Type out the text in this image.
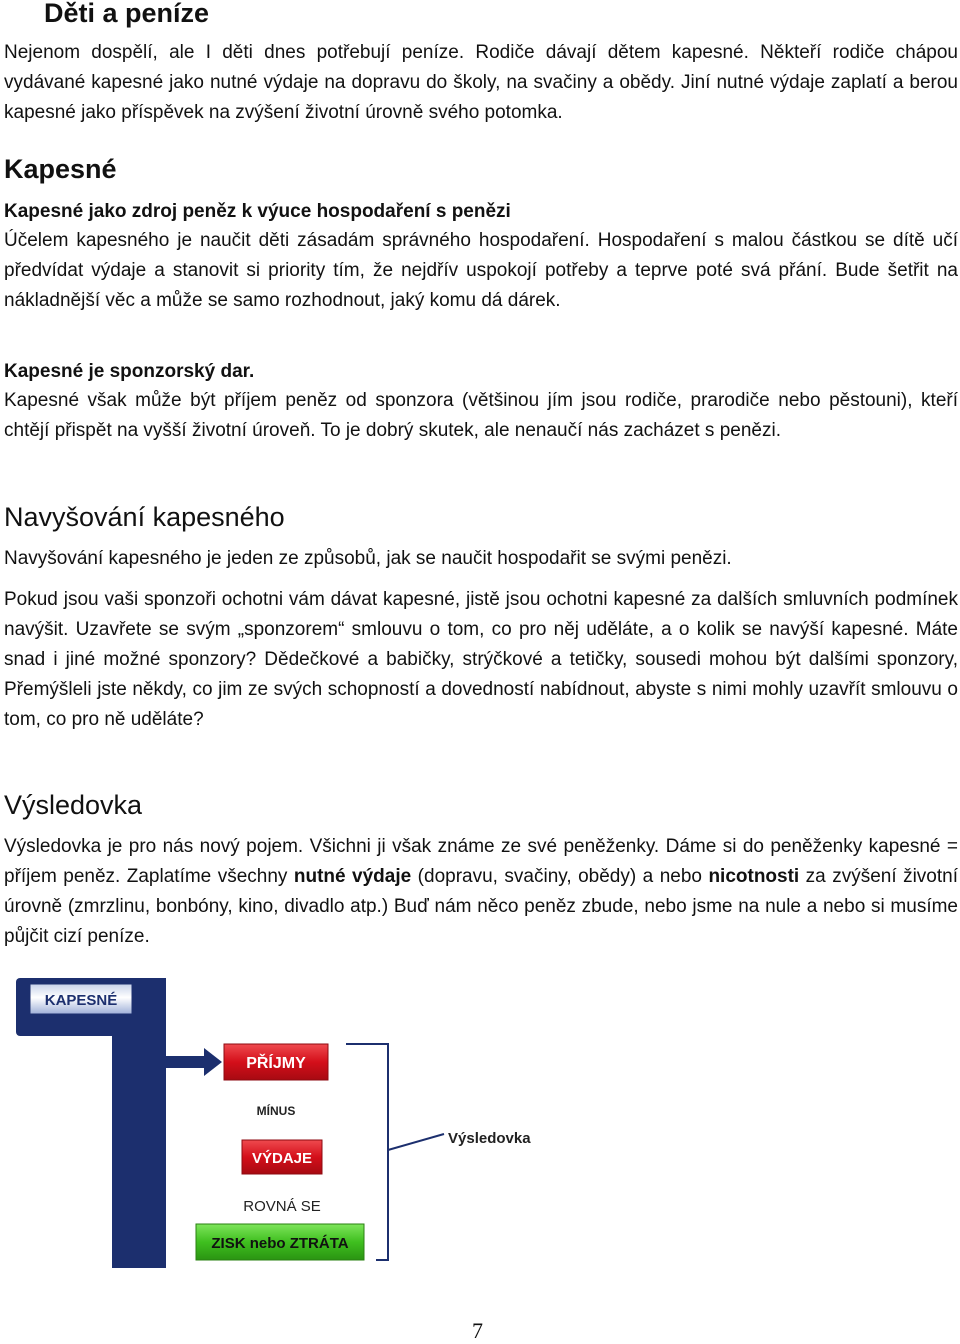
Děti a peníze

Nejenom dospělí, ale I děti dnes potřebují peníze. Rodiče dávají dětem kapesné. Někteří rodiče chápou vydávané kapesné jako nutné výdaje na dopravu do školy, na svačiny a obědy. Jiní nutné výdaje zaplatí a berou kapesné jako příspěvek na zvýšení životní úrovně svého potomka.

Kapesné
Kapesné jako zdroj peněz k výuce hospodaření s penězi

Účelem kapesného je naučit děti zásadám správného hospodaření. Hospodaření s malou částkou se dítě učí předvídat výdaje a stanovit si priority tím, že nejdřív uspokojí potřeby a teprve poté svá přání. Bude šetřit na nákladnější věc a může se samo rozhodnout, jaký komu dá dárek.

Kapesné je sponzorský dar.

Kapesné však může být příjem peněz od sponzora (většinou jím jsou rodiče, prarodiče nebo pěstouni), kteří chtějí přispět na vyšší životní úroveň. To je dobrý skutek, ale nenaučí nás zacházet s penězi.

Navyšování kapesného

Navyšování kapesného je jeden ze způsobů, jak se naučit hospodařit se svými penězi.

Pokud jsou vaši sponzoři ochotni vám dávat kapesné, jistě jsou ochotni kapesné za dalších smluvních podmínek navýšit. Uzavřete se svým „sponzorem“ smlouvu o tom, co pro něj uděláte, a o kolik se navýší kapesné. Máte snad i jiné možné sponzory? Dědečkové a babičky, strýčkové a tetičky, sousedi mohou být dalšími sponzory, Přemýšleli jste někdy, co jim ze svých schopností a dovedností nabídnout, abyste s nimi mohly uzavřít smlouvu o tom, co pro ně uděláte?

Výsledovka

Výsledovka je pro nás nový pojem. Všichni ji však známe ze své peněženky. Dáme si do peněženky kapesné = příjem peněz. Zaplatíme všechny nutné výdaje (dopravu, svačiny, obědy) a nebo nicotnosti za zvýšení životní úrovně (zmrzlinu, bonbóny, kino, divadlo atp.) Buď nám něco peněz zbude, nebo jsme na nule a nebo si musíme půjčit cizí peníze.

KAPESNÉ
PŘÍJMY
MÍNUS
VÝDAJE
ROVNÁ SE
ZISK nebo ZTRÁTA
Výsledovka
7
